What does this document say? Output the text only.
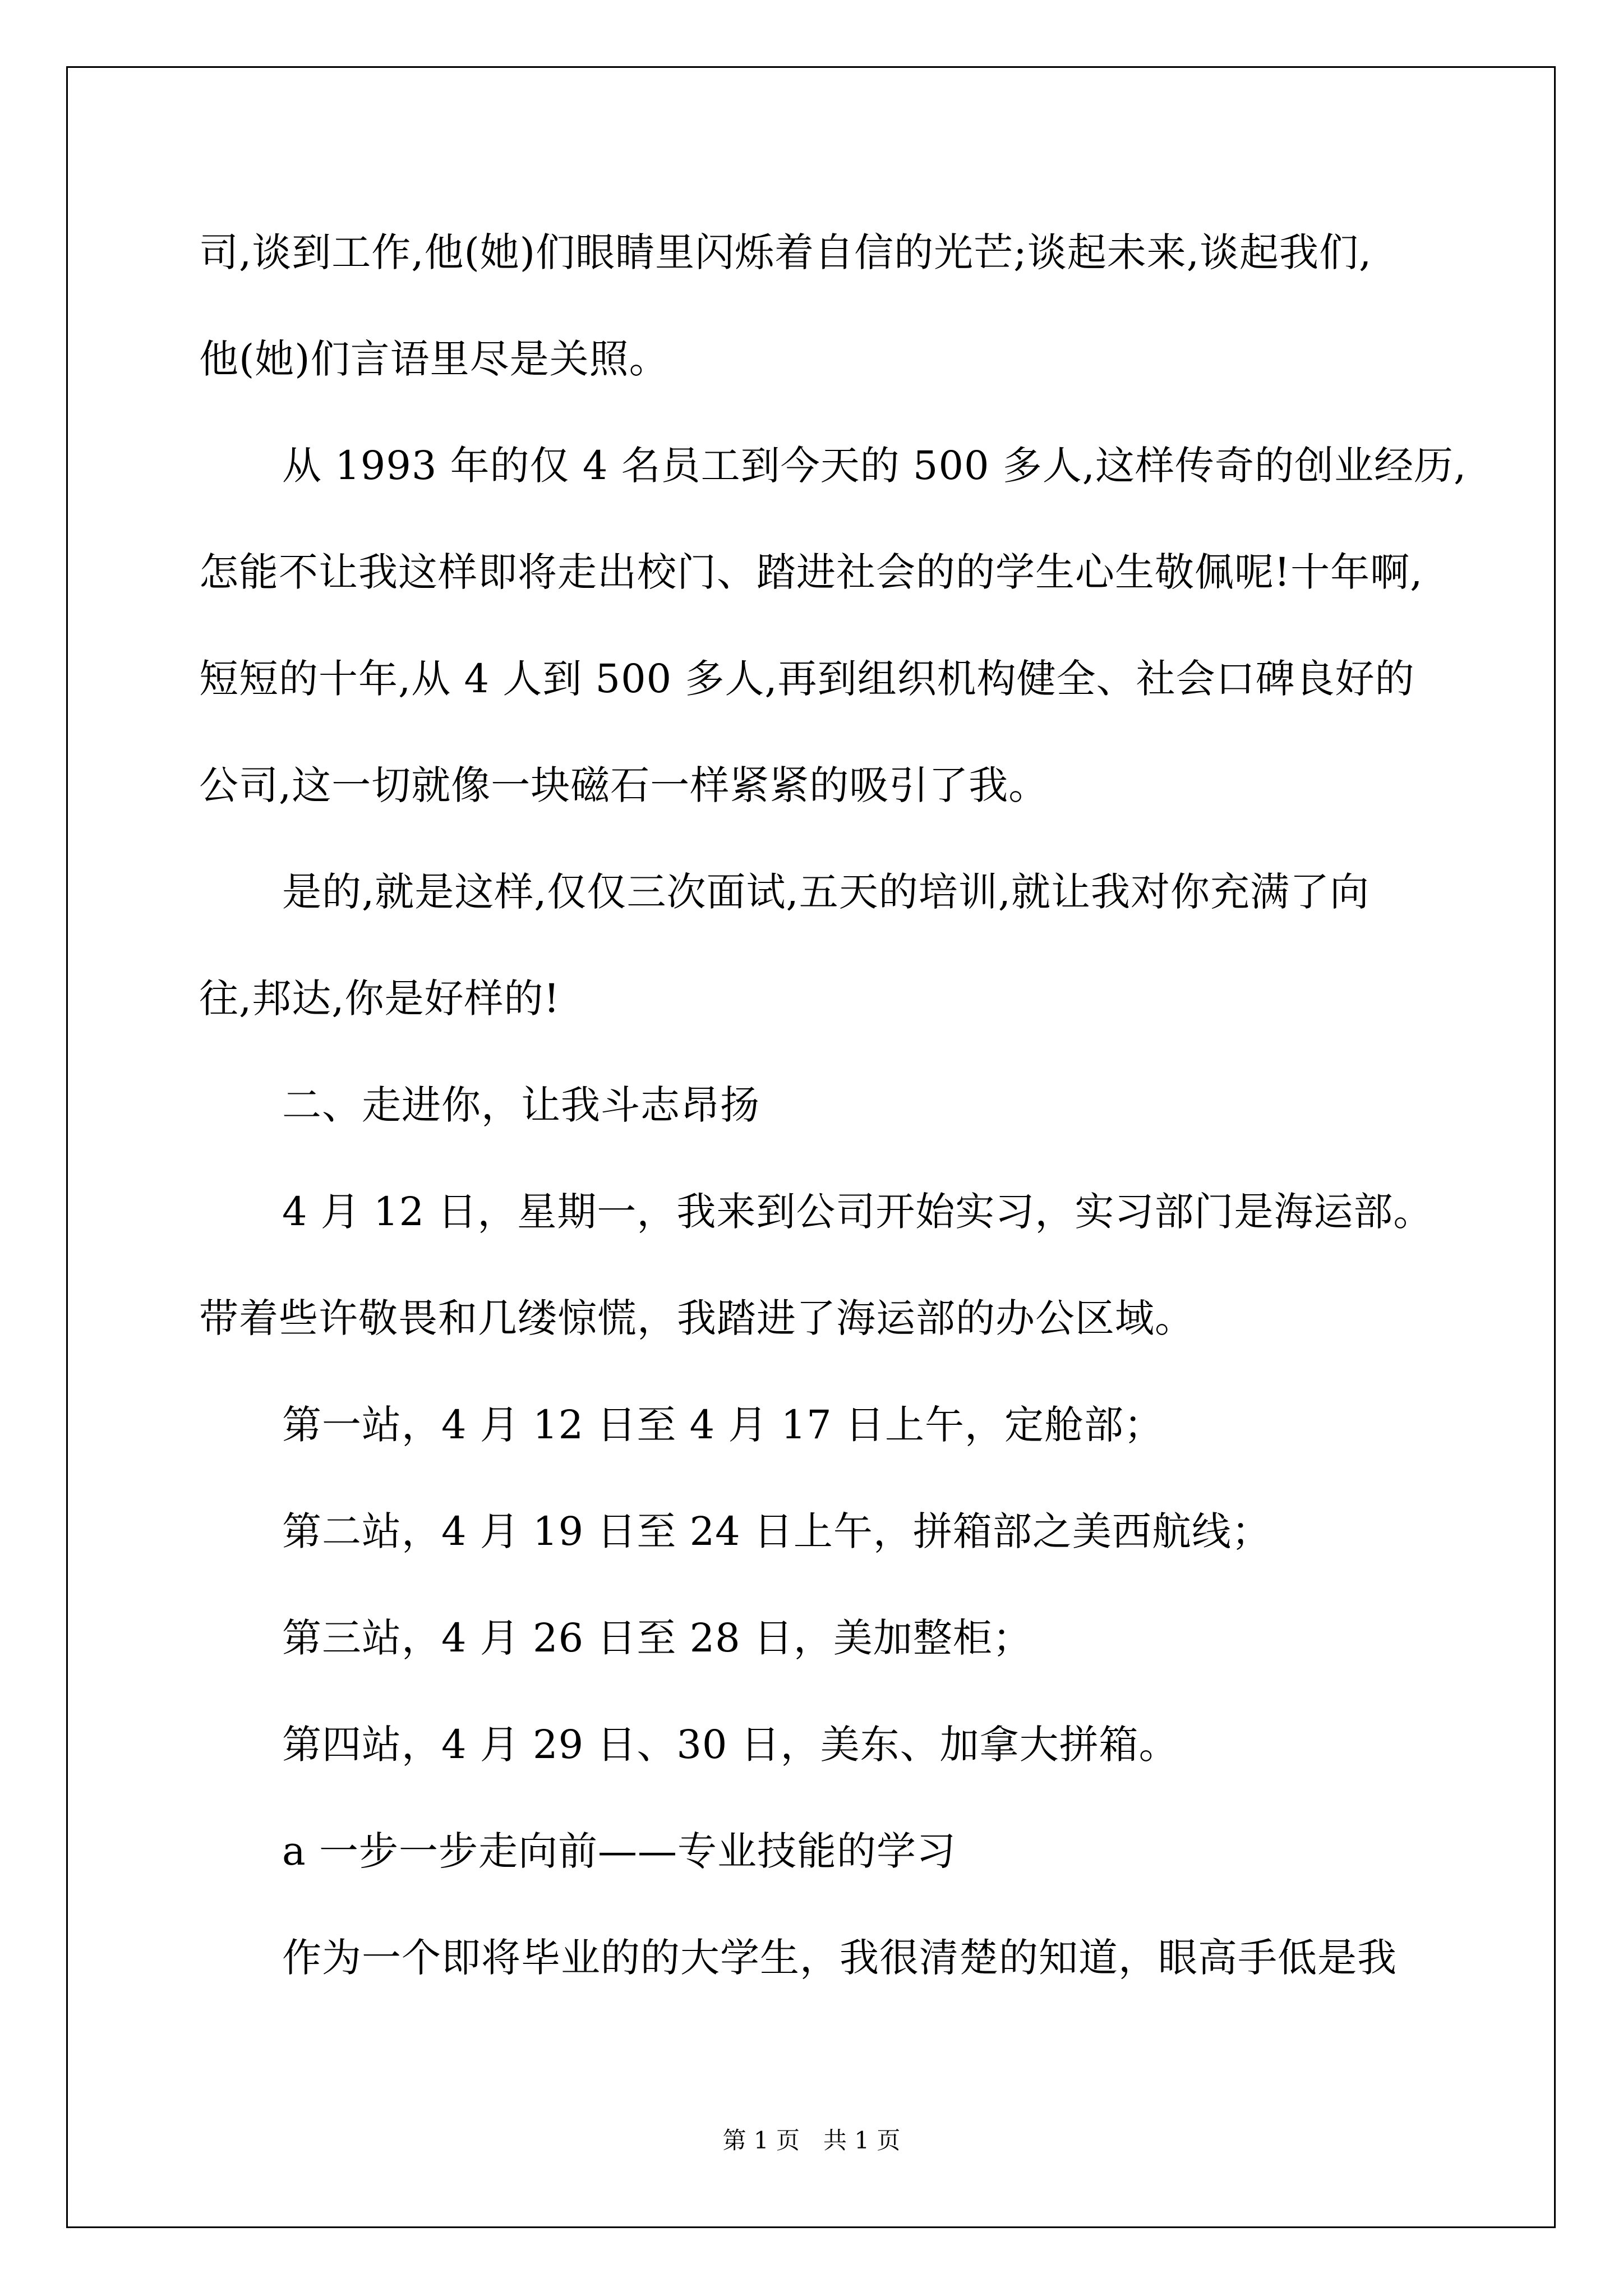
司,谈到工作,他(她)们眼睛里闪烁着自信的光芒;谈起未来,谈起我们,
他(她)们言语里尽是关照。
从 1993 年的仅 4 名员工到今天的 500 多人,这样传奇的创业经历,
怎能不让我这样即将走出校门、踏进社会的的学生心生敬佩呢!十年啊,
短短的十年,从 4 人到 500 多人,再到组织机构健全、社会口碑良好的
公司,这一切就像一块磁石一样紧紧的吸引了我。
是的,就是这样,仅仅三次面试,五天的培训,就让我对你充满了向
往,邦达,你是好样的!
二、走进你，让我斗志昂扬
4 月 12 日，星期一，我来到公司开始实习，实习部门是海运部。
带着些许敬畏和几缕惊慌，我踏进了海运部的办公区域。
第一站，4 月 12 日至 4 月 17 日上午，定舱部；
第二站，4 月 19 日至 24 日上午，拼箱部之美西航线；
第三站，4 月 26 日至 28 日，美加整柜；
第四站，4 月 29 日、30 日，美东、加拿大拼箱。
a 一步一步走向前——专业技能的学习
作为一个即将毕业的的大学生，我很清楚的知道，眼高手低是我
第 1 页　共 1 页
